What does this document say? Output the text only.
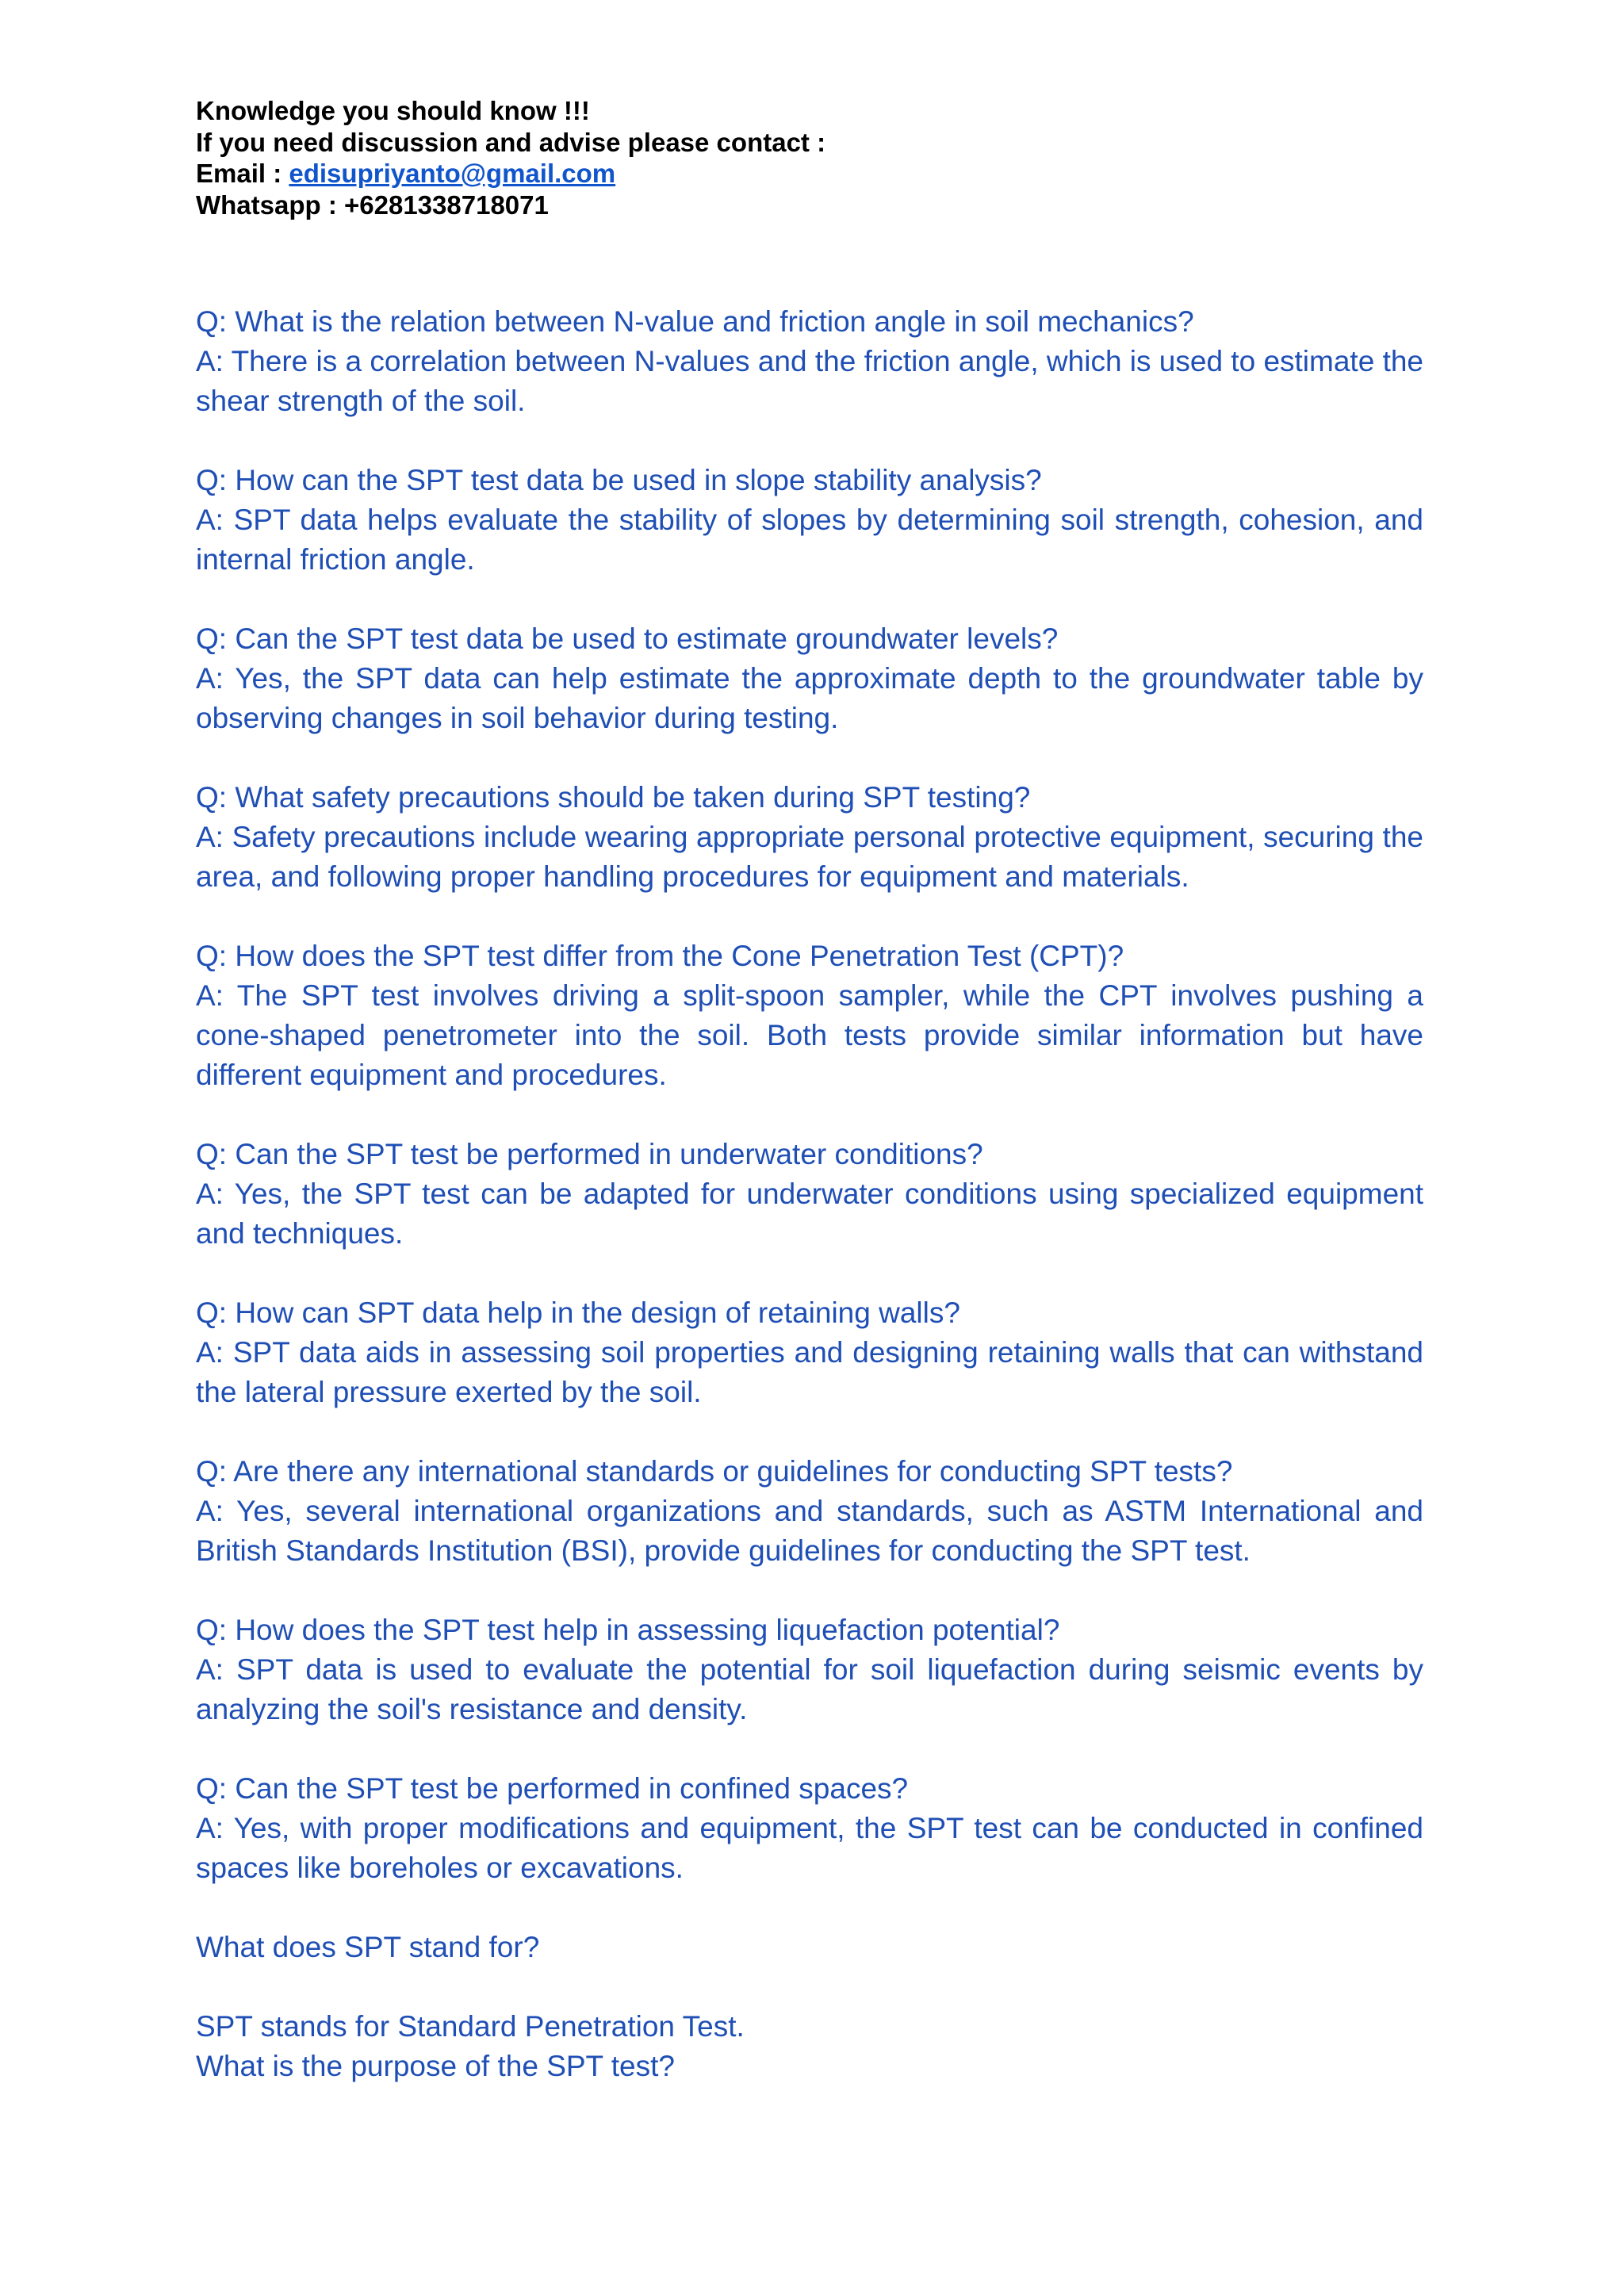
Knowledge you should know !!!
If you need discussion and advise please contact :
Email : edisupriyanto@gmail.com
Whatsapp : +6281338718071
Q: What is the relation between N-value and friction angle in soil mechanics?
A: There is a correlation between N-values and the friction angle, which is used to estimate the shear strength of the soil.
Q: How can the SPT test data be used in slope stability analysis?
A: SPT data helps evaluate the stability of slopes by determining soil strength, cohesion, and internal friction angle.
Q: Can the SPT test data be used to estimate groundwater levels?
A: Yes, the SPT data can help estimate the approximate depth to the groundwater table by observing changes in soil behavior during testing.
Q: What safety precautions should be taken during SPT testing?
A: Safety precautions include wearing appropriate personal protective equipment, securing the area, and following proper handling procedures for equipment and materials.
Q: How does the SPT test differ from the Cone Penetration Test (CPT)?
A: The SPT test involves driving a split-spoon sampler, while the CPT involves pushing a cone-shaped penetrometer into the soil. Both tests provide similar information but have different equipment and procedures.
Q: Can the SPT test be performed in underwater conditions?
A: Yes, the SPT test can be adapted for underwater conditions using specialized equipment and techniques.
Q: How can SPT data help in the design of retaining walls?
A: SPT data aids in assessing soil properties and designing retaining walls that can withstand the lateral pressure exerted by the soil.
Q: Are there any international standards or guidelines for conducting SPT tests?
A: Yes, several international organizations and standards, such as ASTM International and British Standards Institution (BSI), provide guidelines for conducting the SPT test.
Q: How does the SPT test help in assessing liquefaction potential?
A: SPT data is used to evaluate the potential for soil liquefaction during seismic events by analyzing the soil's resistance and density.
Q: Can the SPT test be performed in confined spaces?
A: Yes, with proper modifications and equipment, the SPT test can be conducted in confined spaces like boreholes or excavations.
What does SPT stand for?
SPT stands for Standard Penetration Test.
What is the purpose of the SPT test?
